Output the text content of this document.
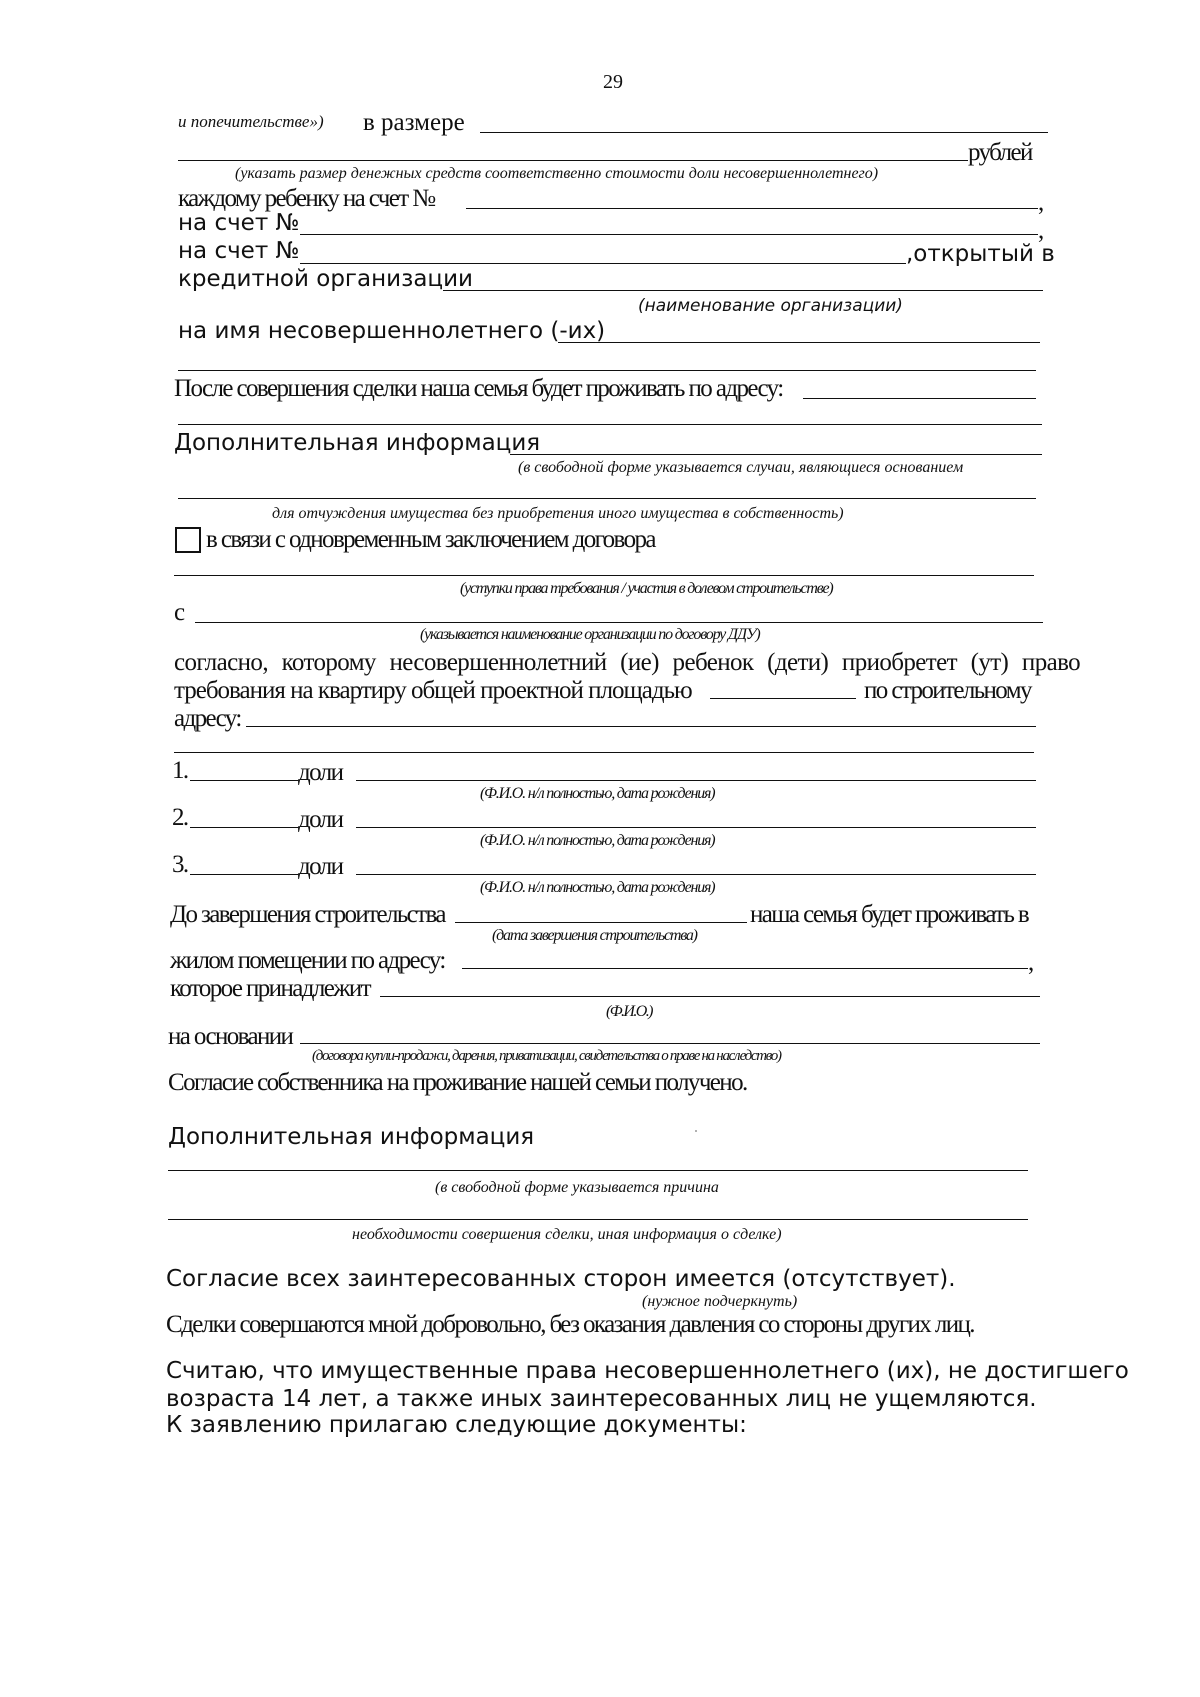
29
и попечительстве») в размере
рублей
(указать размер денежных средств соответственно стоимости доли несовершеннолетнего)
каждому ребенку на счет №	,
на счет №	,
на счет №	,открытый в
кредитной организации
(наименование организации)
на имя несовершеннолетнего (-их)
После совершения сделки наша семья будет проживать по адресу:
Дополнительная информация
(в свободной форме указывается случаи, являющиеся основанием
для отчуждения имущества без приобретения иного имущества в собственность)
в связи с одновременным заключением договора
(уступки права требования / участия в долевом строительстве)
с
(указывается наименование организации по договору ДДУ)
согласно, которому несовершеннолетний (ие) ребенок (дети) приобретет (ут) право
требования на квартиру общей проектной площадью	по строительному
адресу:
1.	доли
(Ф.И.О. н/л полностью, дата рождения)
2.	доли
(Ф.И.О. н/л полностью, дата рождения)
3.	доли
(Ф.И.О. н/л полностью, дата рождения)
До завершения строительства	наша семья будет проживать в
(дата завершения строительства)
жилом помещении по адресу:	,
которое принадлежит
(Ф.И.О.)
на основании
(договора купли-продажи, дарения, приватизации, свидетельства о праве на наследство)
Согласие собственника на проживание нашей семьи получено.
Дополнительная информация
(в свободной форме указывается причина
необходимости совершения сделки, иная информация о сделке)
Согласие всех заинтересованных сторон имеется (отсутствует).
(нужное подчеркнуть)
Сделки совершаются мной добровольно, без оказания давления со стороны других лиц.
Считаю, что имущественные права несовершеннолетнего (их), не достигшего
возраста 14 лет, а также иных заинтересованных лиц не ущемляются.
К заявлению прилагаю следующие документы:
